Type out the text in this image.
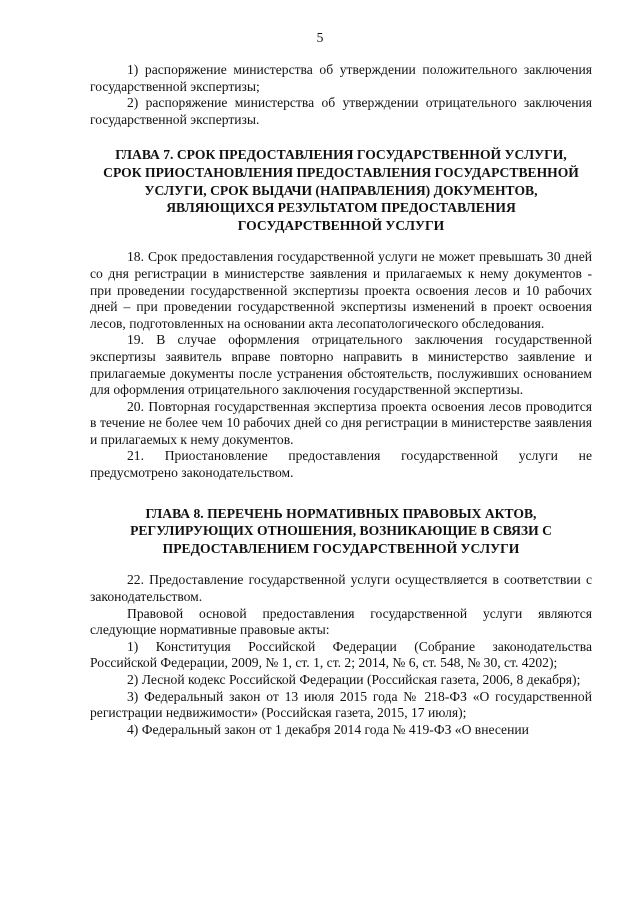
5

1) распоряжение министерства об утверждении положительного заключения государственной экспертизы;

2) распоряжение министерства об утверждении отрицательного заключения государственной экспертизы.

ГЛАВА 7. СРОК ПРЕДОСТАВЛЕНИЯ ГОСУДАРСТВЕННОЙ УСЛУГИ,
СРОК ПРИОСТАНОВЛЕНИЯ ПРЕДОСТАВЛЕНИЯ ГОСУДАРСТВЕННОЙ
УСЛУГИ, СРОК ВЫДАЧИ (НАПРАВЛЕНИЯ) ДОКУМЕНТОВ,
ЯВЛЯЮЩИХСЯ РЕЗУЛЬТАТОМ ПРЕДОСТАВЛЕНИЯ
ГОСУДАРСТВЕННОЙ УСЛУГИ

18. Срок предоставления государственной услуги не может превышать 30 дней со дня регистрации в министерстве заявления и прилагаемых к нему документов - при проведении государственной экспертизы проекта освоения лесов и 10 рабочих дней – при проведении государственной экспертизы изменений в проект освоения лесов, подготовленных на основании акта лесопатологического обследования.

19. В случае оформления отрицательного заключения государственной экспертизы заявитель вправе повторно направить в министерство заявление и прилагаемые документы после устранения обстоятельств, послуживших основанием для оформления отрицательного заключения государственной экспертизы.

20. Повторная государственная экспертиза проекта освоения лесов проводится в течение не более чем 10 рабочих дней со дня регистрации в министерстве заявления и прилагаемых к нему документов.

21. Приостановление предоставления государственной услуги не предусмотрено законодательством.

ГЛАВА 8. ПЕРЕЧЕНЬ НОРМАТИВНЫХ ПРАВОВЫХ АКТОВ,
РЕГУЛИРУЮЩИХ ОТНОШЕНИЯ, ВОЗНИКАЮЩИЕ В СВЯЗИ С
ПРЕДОСТАВЛЕНИЕМ ГОСУДАРСТВЕННОЙ УСЛУГИ

22. Предоставление государственной услуги осуществляется в соответствии с законодательством.

Правовой основой предоставления государственной услуги являются следующие нормативные правовые акты:

1) Конституция Российской Федерации (Собрание законодательства Российской Федерации, 2009, № 1, ст. 1, ст. 2; 2014, № 6, ст. 548, № 30, ст. 4202);

2) Лесной кодекс Российской Федерации (Российская газета, 2006, 8 декабря);

3) Федеральный закон от 13 июля 2015 года № 218-ФЗ «О государственной регистрации недвижимости» (Российская газета, 2015, 17 июля);

4) Федеральный закон от 1 декабря 2014 года № 419-ФЗ «О внесении
